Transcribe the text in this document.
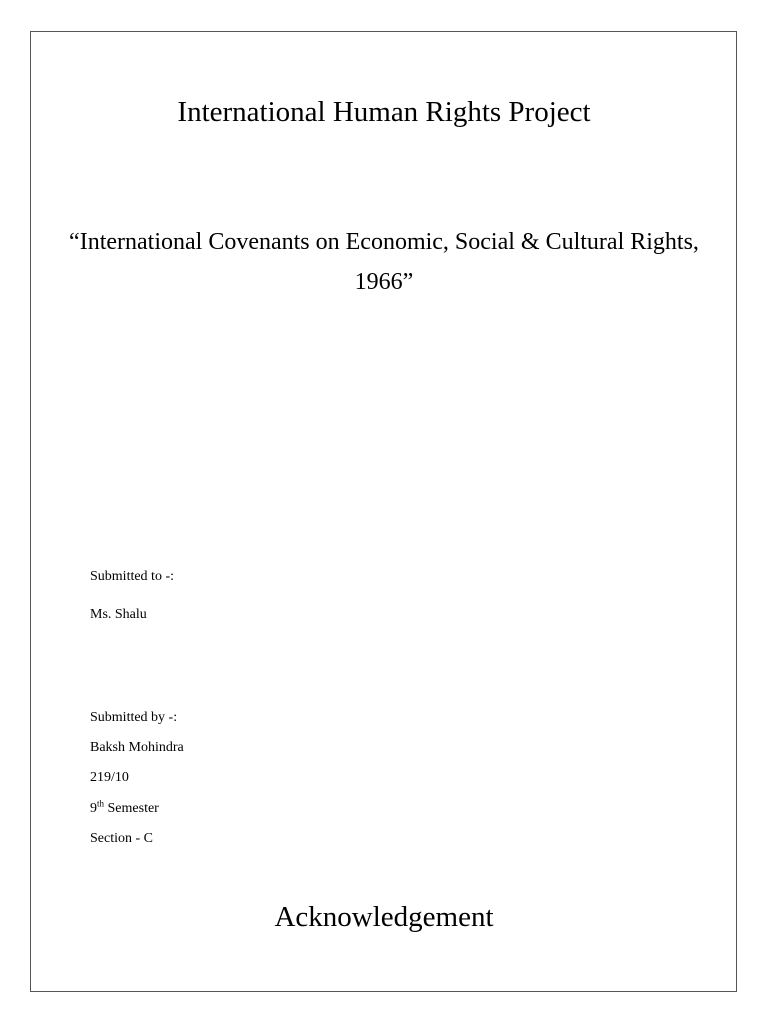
International Human Rights Project
“International Covenants on Economic, Social & Cultural Rights, 1966”

Submitted to -:

Ms. Shalu

Submitted by -:

Baksh Mohindra

219/10

9th Semester

Section - C

Acknowledgement
